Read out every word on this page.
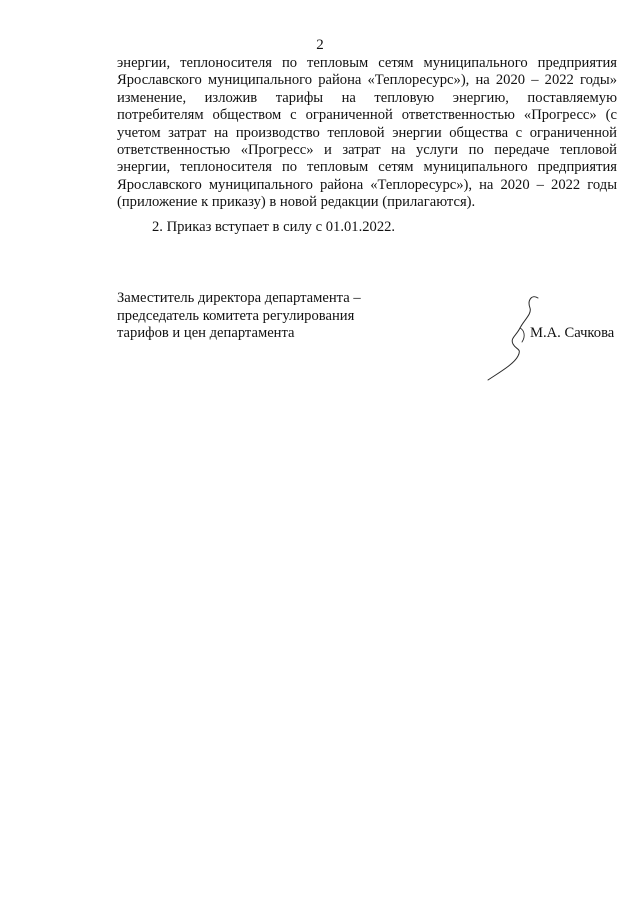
2

энергии, теплоносителя по тепловым сетям муниципального предприятия Ярославского муниципального района «Теплоресурс»), на 2020 – 2022 годы» изменение, изложив тарифы на тепловую энергию, поставляемую потребителям обществом с ограниченной ответственностью «Прогресс» (с учетом затрат на производство тепловой энергии общества с ограниченной ответственностью «Прогресс» и затрат на услуги по передаче тепловой энергии, теплоносителя по тепловым сетям муниципального предприятия Ярославского муниципального района «Теплоресурс»), на 2020 – 2022 годы (приложение к приказу) в новой редакции (прилагаются).

2. Приказ вступает в силу с 01.01.2022.

Заместитель директора департамента –
председатель комитета регулирования
тарифов и цен департамента	М.А. Сачкова
